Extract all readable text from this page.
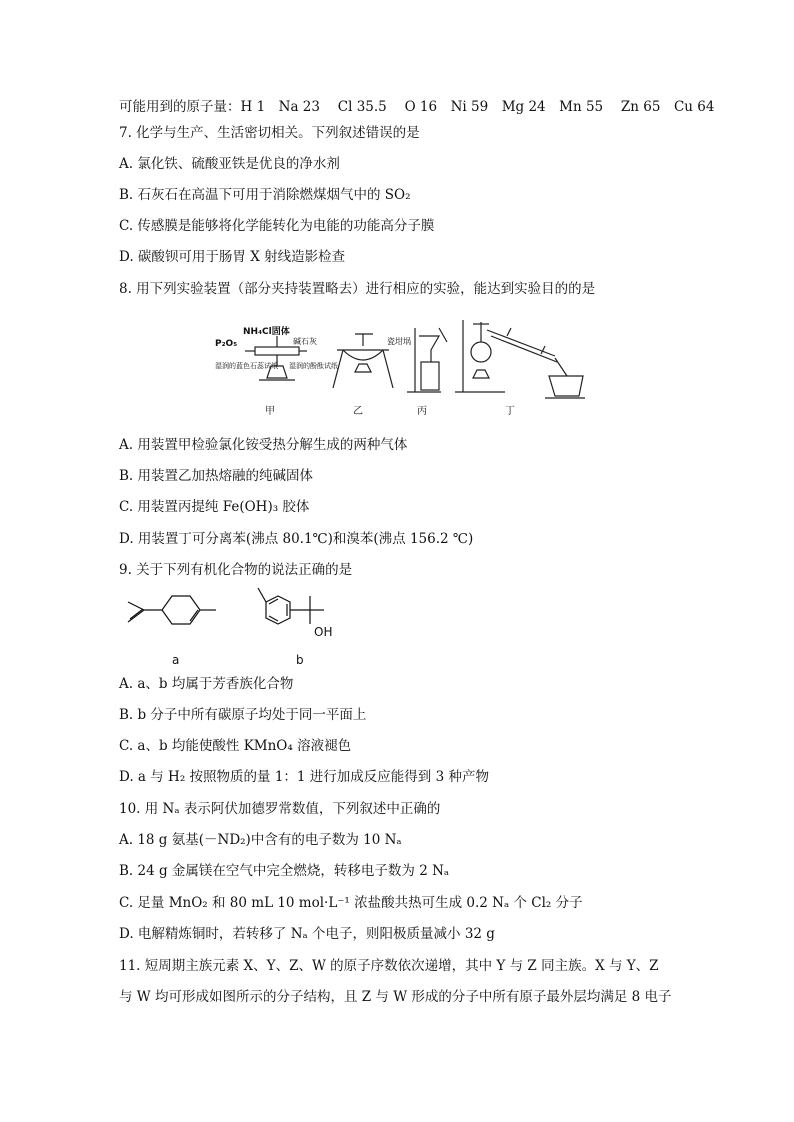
可能用到的原子量：H 1　Na 23　 Cl 35.5　 O 16　Ni 59　Mg 24　Mn 55　 Zn 65　Cu 64
7. 化学与生产、生活密切相关。下列叙述错误的是
A. 氯化铁、硫酸亚铁是优良的净水剂
B. 石灰石在高温下可用于消除燃煤烟气中的 SO₂
C. 传感膜是能够将化学能转化为电能的功能高分子膜
D. 碳酸钡可用于肠胃 X 射线造影检查
8. 用下列实验装置（部分夹持装置略去）进行相应的实验，能达到实验目的的是
P₂O₅
NH₄Cl固体
碱石灰
湿润的蓝色石蕊试纸 湿润的酚酞试纸
瓷坩埚
甲	乙	丙	丁
A. 用装置甲检验氯化铵受热分解生成的两种气体
B. 用装置乙加热熔融的纯碱固体
C. 用装置丙提纯 Fe(OH)₃ 胶体
D. 用装置丁可分离苯(沸点 80.1℃)和溴苯(沸点 156.2 ℃)
9. 关于下列有机化合物的说法正确的是
OH
a	b
A. a、b 均属于芳香族化合物
B. b 分子中所有碳原子均处于同一平面上
C. a、b 均能使酸性 KMnO₄ 溶液褪色
D. a 与 H₂ 按照物质的量 1：1 进行加成反应能得到 3 种产物
10. 用 Nₐ 表示阿伏加德罗常数值，下列叙述中正确的
A. 18 g 氨基(－ND₂)中含有的电子数为 10 Nₐ
B. 24 g 金属镁在空气中完全燃烧，转移电子数为 2 Nₐ
C. 足量 MnO₂ 和 80 mL 10 mol·L⁻¹ 浓盐酸共热可生成 0.2 Nₐ 个 Cl₂ 分子
D. 电解精炼铜时，若转移了 Nₐ 个电子，则阳极质量减小 32 g
11. 短周期主族元素 X、Y、Z、W 的原子序数依次递增，其中 Y 与 Z 同主族。X 与 Y、Z
与 W 均可形成如图所示的分子结构，且 Z 与 W 形成的分子中所有原子最外层均满足 8 电子
